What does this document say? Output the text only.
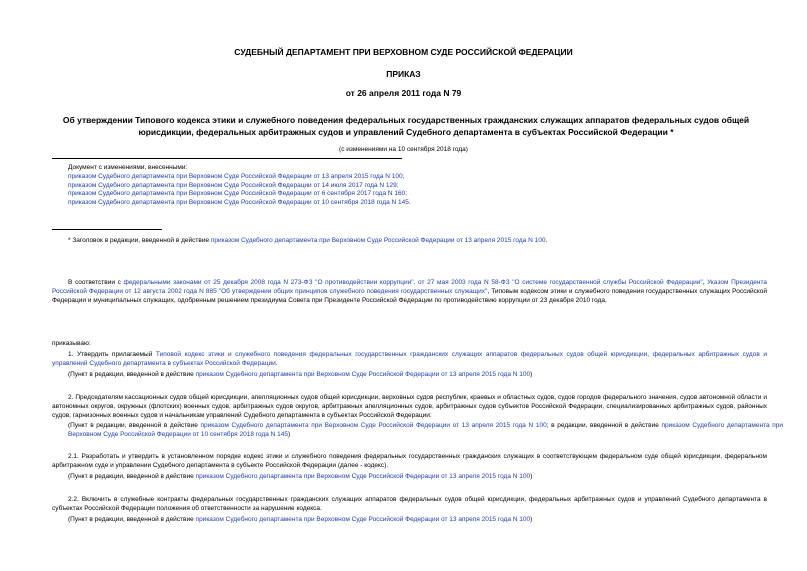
СУДЕБНЫЙ ДЕПАРТАМЕНТ ПРИ ВЕРХОВНОМ СУДЕ РОССИЙСКОЙ ФЕДЕРАЦИИ
ПРИКАЗ
от 26 апреля 2011 года N 79
Об утверждении Типового кодекса этики и служебного поведения федеральных государственных гражданских служащих аппаратов федеральных судов общей юрисдикции, федеральных арбитражных судов и управлений Судебного департамента в субъектах Российской Федерации *
(с изменениями на 10 сентября 2018 года)
Документ с изменениями, внесенными:
приказом Судебного департамента при Верховном Суде Российской Федерации от 13 апреля 2015 года N 100;
приказом Судебного департамента при Верховном Суде Российской Федерации от 14 июля 2017 года N 129;
приказом Судебного департамента при Верховном Суде Российской Федерации от 6 сентября 2017 года N 160;
приказом Судебного департамента при Верховном Суде Российской Федерации от 10 сентября 2018 года N 145.
* Заголовок в редакции, введенной в действие приказом Судебного департамента при Верховном Суде Российской Федерации от 13 апреля 2015 года N 100.
В соответствии с федеральными законами от 25 декабря 2008 года N 273-ФЗ "О противодействии коррупции", от 27 мая 2003 года N 58-ФЗ "О системе государственной службы Российской Федерации", Указом Президента Российской Федерации от 12 августа 2002 года N 885 "Об утверждении общих принципов служебного поведения государственных служащих", Типовым кодексом этики и служебного поведения государственных служащих Российской Федерации и муниципальных служащих, одобренным решением президиума Совета при Президенте Российской Федерации по противодействию коррупции от 23 декабря 2010 года,
приказываю:
1. Утвердить прилагаемый Типовой кодекс этики и служебного поведения федеральных государственных гражданских служащих аппаратов федеральных судов общей юрисдикции, федеральных арбитражных судов и управлений Судебного департамента в субъектах Российской Федерации.
(Пункт в редакции, введенной в действие приказом Судебного департамента при Верховном Суде Российской Федерации от 13 апреля 2015 года N 100)
2. Председателям кассационных судов общей юрисдикции, апелляционных судов общей юрисдикции, верховных судов республик, краевых и областных судов, судов городов федерального значения, судов автономной области и автономных округов, окружных (флотских) военных судов, арбитражных судов округов, арбитражных апелляционных судов, арбитражных судов субъектов Российской Федерации, специализированных арбитражных судов, районных судов, гарнизонных военных судов и начальникам управлений Судебного департамента в субъектах Российской Федерации:
(Пункт в редакции, введенной в действие приказом Судебного департамента при Верховном Суде Российской Федерации от 13 апреля 2015 года N 100; в редакции, введенной в действие приказом Судебного департамента при Верховном Суде Российской Федерации от 10 сентября 2018 года N 145)
2.1. Разработать и утвердить в установленном порядке кодекс этики и служебного поведения федеральных государственных гражданских служащих в соответствующем федеральном суде общей юрисдикции, федеральном арбитражном суде и управлении Судебного департамента в субъекте Российской Федерации (далее - кодекс).
(Пункт в редакции, введенной в действие приказом Судебного департамента при Верховном Суде Российской Федерации от 13 апреля 2015 года N 100)
2.2. Включить в служебные контракты федеральных государственных гражданских служащих аппаратов федеральных судов общей юрисдикции, федеральных арбитражных судов и управлений Судебного департамента в субъектах Российской Федерации положения об ответственности за нарушение кодекса.
(Пункт в редакции, введенной в действие приказом Судебного департамента при Верховном Суде Российской Федерации от 13 апреля 2015 года N 100)
